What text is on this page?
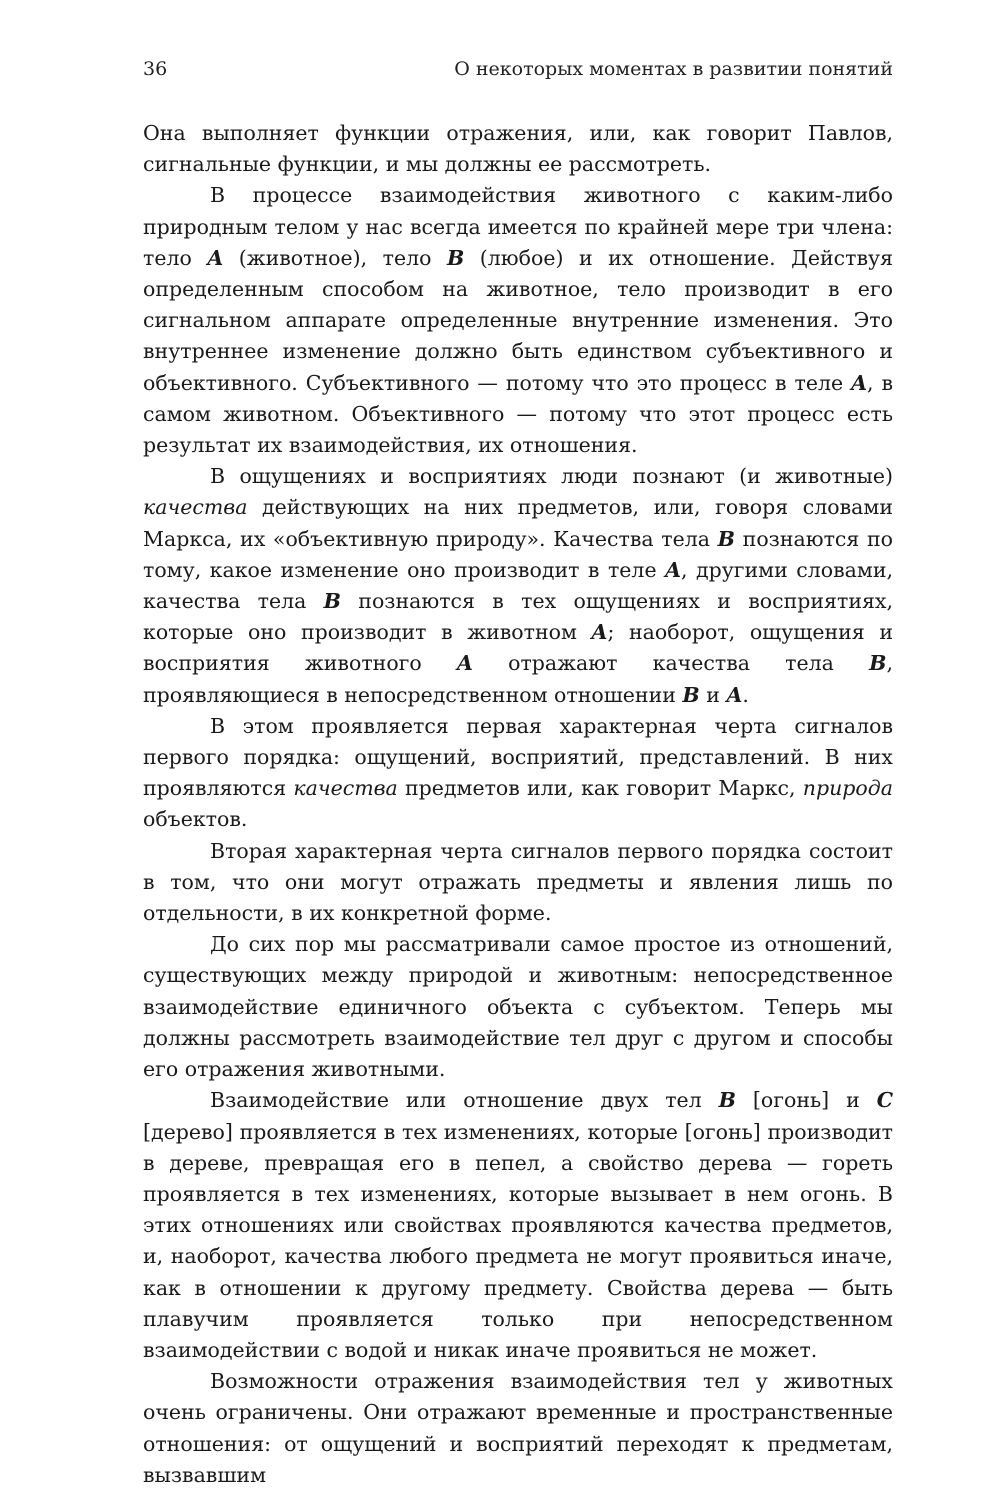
36	О некоторых моментах в развитии понятий

Она выполняет функции отражения, или, как говорит Павлов, сигнальные функции, и мы должны ее рассмотреть.

В процессе взаимодействия животного с каким-либо природным телом у нас всегда имеется по крайней мере три члена: тело A (животное), тело B (любое) и их отношение. Действуя определенным способом на животное, тело производит в его сигнальном аппарате определенные внутренние изменения. Это внутреннее изменение должно быть единством субъективного и объективного. Субъективного — потому что это процесс в теле A, в самом животном. Объективного — потому что этот процесс есть результат их взаимодействия, их отношения.

В ощущениях и восприятиях люди познают (и животные) качества действующих на них предметов, или, говоря словами Маркса, их «объективную природу». Качества тела B познаются по тому, какое изменение оно производит в теле A, другими словами, качества тела B познаются в тех ощущениях и восприятиях, которые оно производит в животном A; наоборот, ощущения и восприятия животного A отражают качества тела B, проявляющиеся в непосредственном отношении B и A.

В этом проявляется первая характерная черта сигналов первого порядка: ощущений, восприятий, представлений. В них проявляются качества предметов или, как говорит Маркс, природа объектов.

Вторая характерная черта сигналов первого порядка состоит в том, что они могут отражать предметы и явления лишь по отдельности, в их конкретной форме.

До сих пор мы рассматривали самое простое из отношений, существующих между природой и животным: непосредственное взаимодействие единичного объекта с субъектом. Теперь мы должны рассмотреть взаимодействие тел друг с другом и способы его отражения животными.

Взаимодействие или отношение двух тел B [огонь] и C [дерево] проявляется в тех изменениях, которые [огонь] производит в дереве, превращая его в пепел, а свойство дерева — гореть проявляется в тех изменениях, которые вызывает в нем огонь. В этих отношениях или свойствах проявляются качества предметов, и, наоборот, качества любого предмета не могут проявиться иначе, как в отношении к другому предмету. Свойства дерева — быть плавучим проявляется только при непосредственном взаимодействии с водой и никак иначе проявиться не может.

Возможности отражения взаимодействия тел у животных очень ограничены. Они отражают временные и пространственные отношения: от ощущений и восприятий переходят к предметам, вызвавшим
